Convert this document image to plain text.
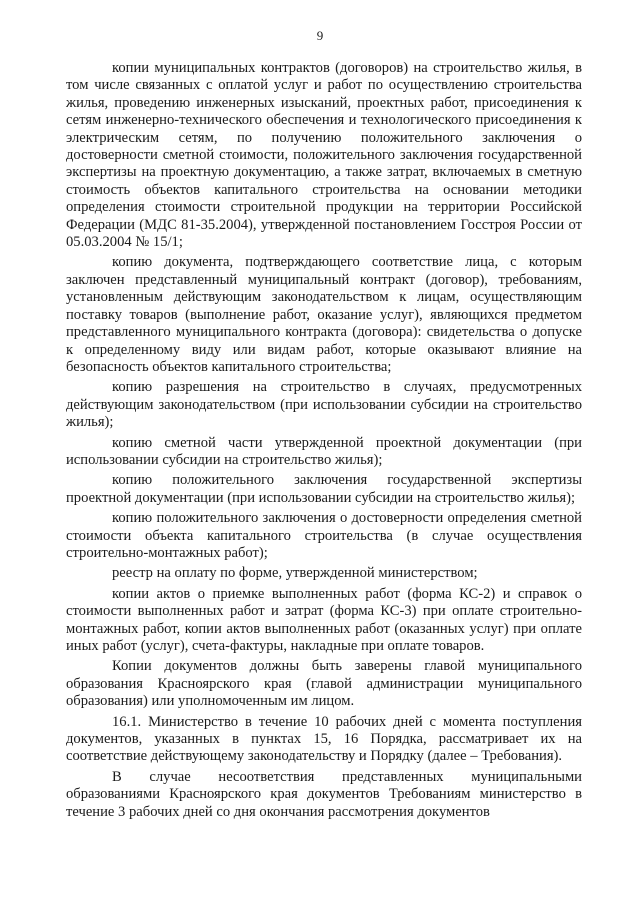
9

копии муниципальных контрактов (договоров) на строительство жилья, в том числе связанных с оплатой услуг и работ по осуществлению строительства жилья, проведению инженерных изысканий, проектных работ, присоединения к сетям инженерно-технического обеспечения и технологического присоединения к электрическим сетям, по получению положительного заключения о достоверности сметной стоимости, положительного заключения государственной экспертизы на проектную документацию, а также затрат, включаемых в сметную стоимость объектов капитального строительства на основании методики определения стоимости строительной продукции на территории Российской Федерации (МДС 81-35.2004), утвержденной постановлением Госстроя России от 05.03.2004 № 15/1;

копию документа, подтверждающего соответствие лица, с которым заключен представленный муниципальный контракт (договор), требованиям, установленным действующим законодательством к лицам, осуществляющим поставку товаров (выполнение работ, оказание услуг), являющихся предметом представленного муниципального контракта (договора): свидетельства о допуске к определенному виду или видам работ, которые оказывают влияние на безопасность объектов капитального строительства;

копию разрешения на строительство в случаях, предусмотренных действующим законодательством (при использовании субсидии на строительство жилья);

копию сметной части утвержденной проектной документации (при использовании субсидии на строительство жилья);

копию положительного заключения государственной экспертизы проектной документации (при использовании субсидии на строительство жилья);

копию положительного заключения о достоверности определения сметной стоимости объекта капитального строительства (в случае осуществления строительно-монтажных работ);

реестр на оплату по форме, утвержденной министерством;

копии актов о приемке выполненных работ (форма КС-2) и справок о стоимости выполненных работ и затрат (форма КС-3) при оплате строительно-монтажных работ, копии актов выполненных работ (оказанных услуг) при оплате иных работ (услуг), счета-фактуры, накладные при оплате товаров.

Копии документов должны быть заверены главой муниципального образования Красноярского края (главой администрации муниципального образования) или уполномоченным им лицом.

16.1. Министерство в течение 10 рабочих дней с момента поступления документов, указанных в пунктах 15, 16 Порядка, рассматривает их на соответствие действующему законодательству и Порядку (далее – Требования).

В случае несоответствия представленных муниципальными образованиями Красноярского края документов Требованиям министерство в течение 3 рабочих дней со дня окончания рассмотрения документов
